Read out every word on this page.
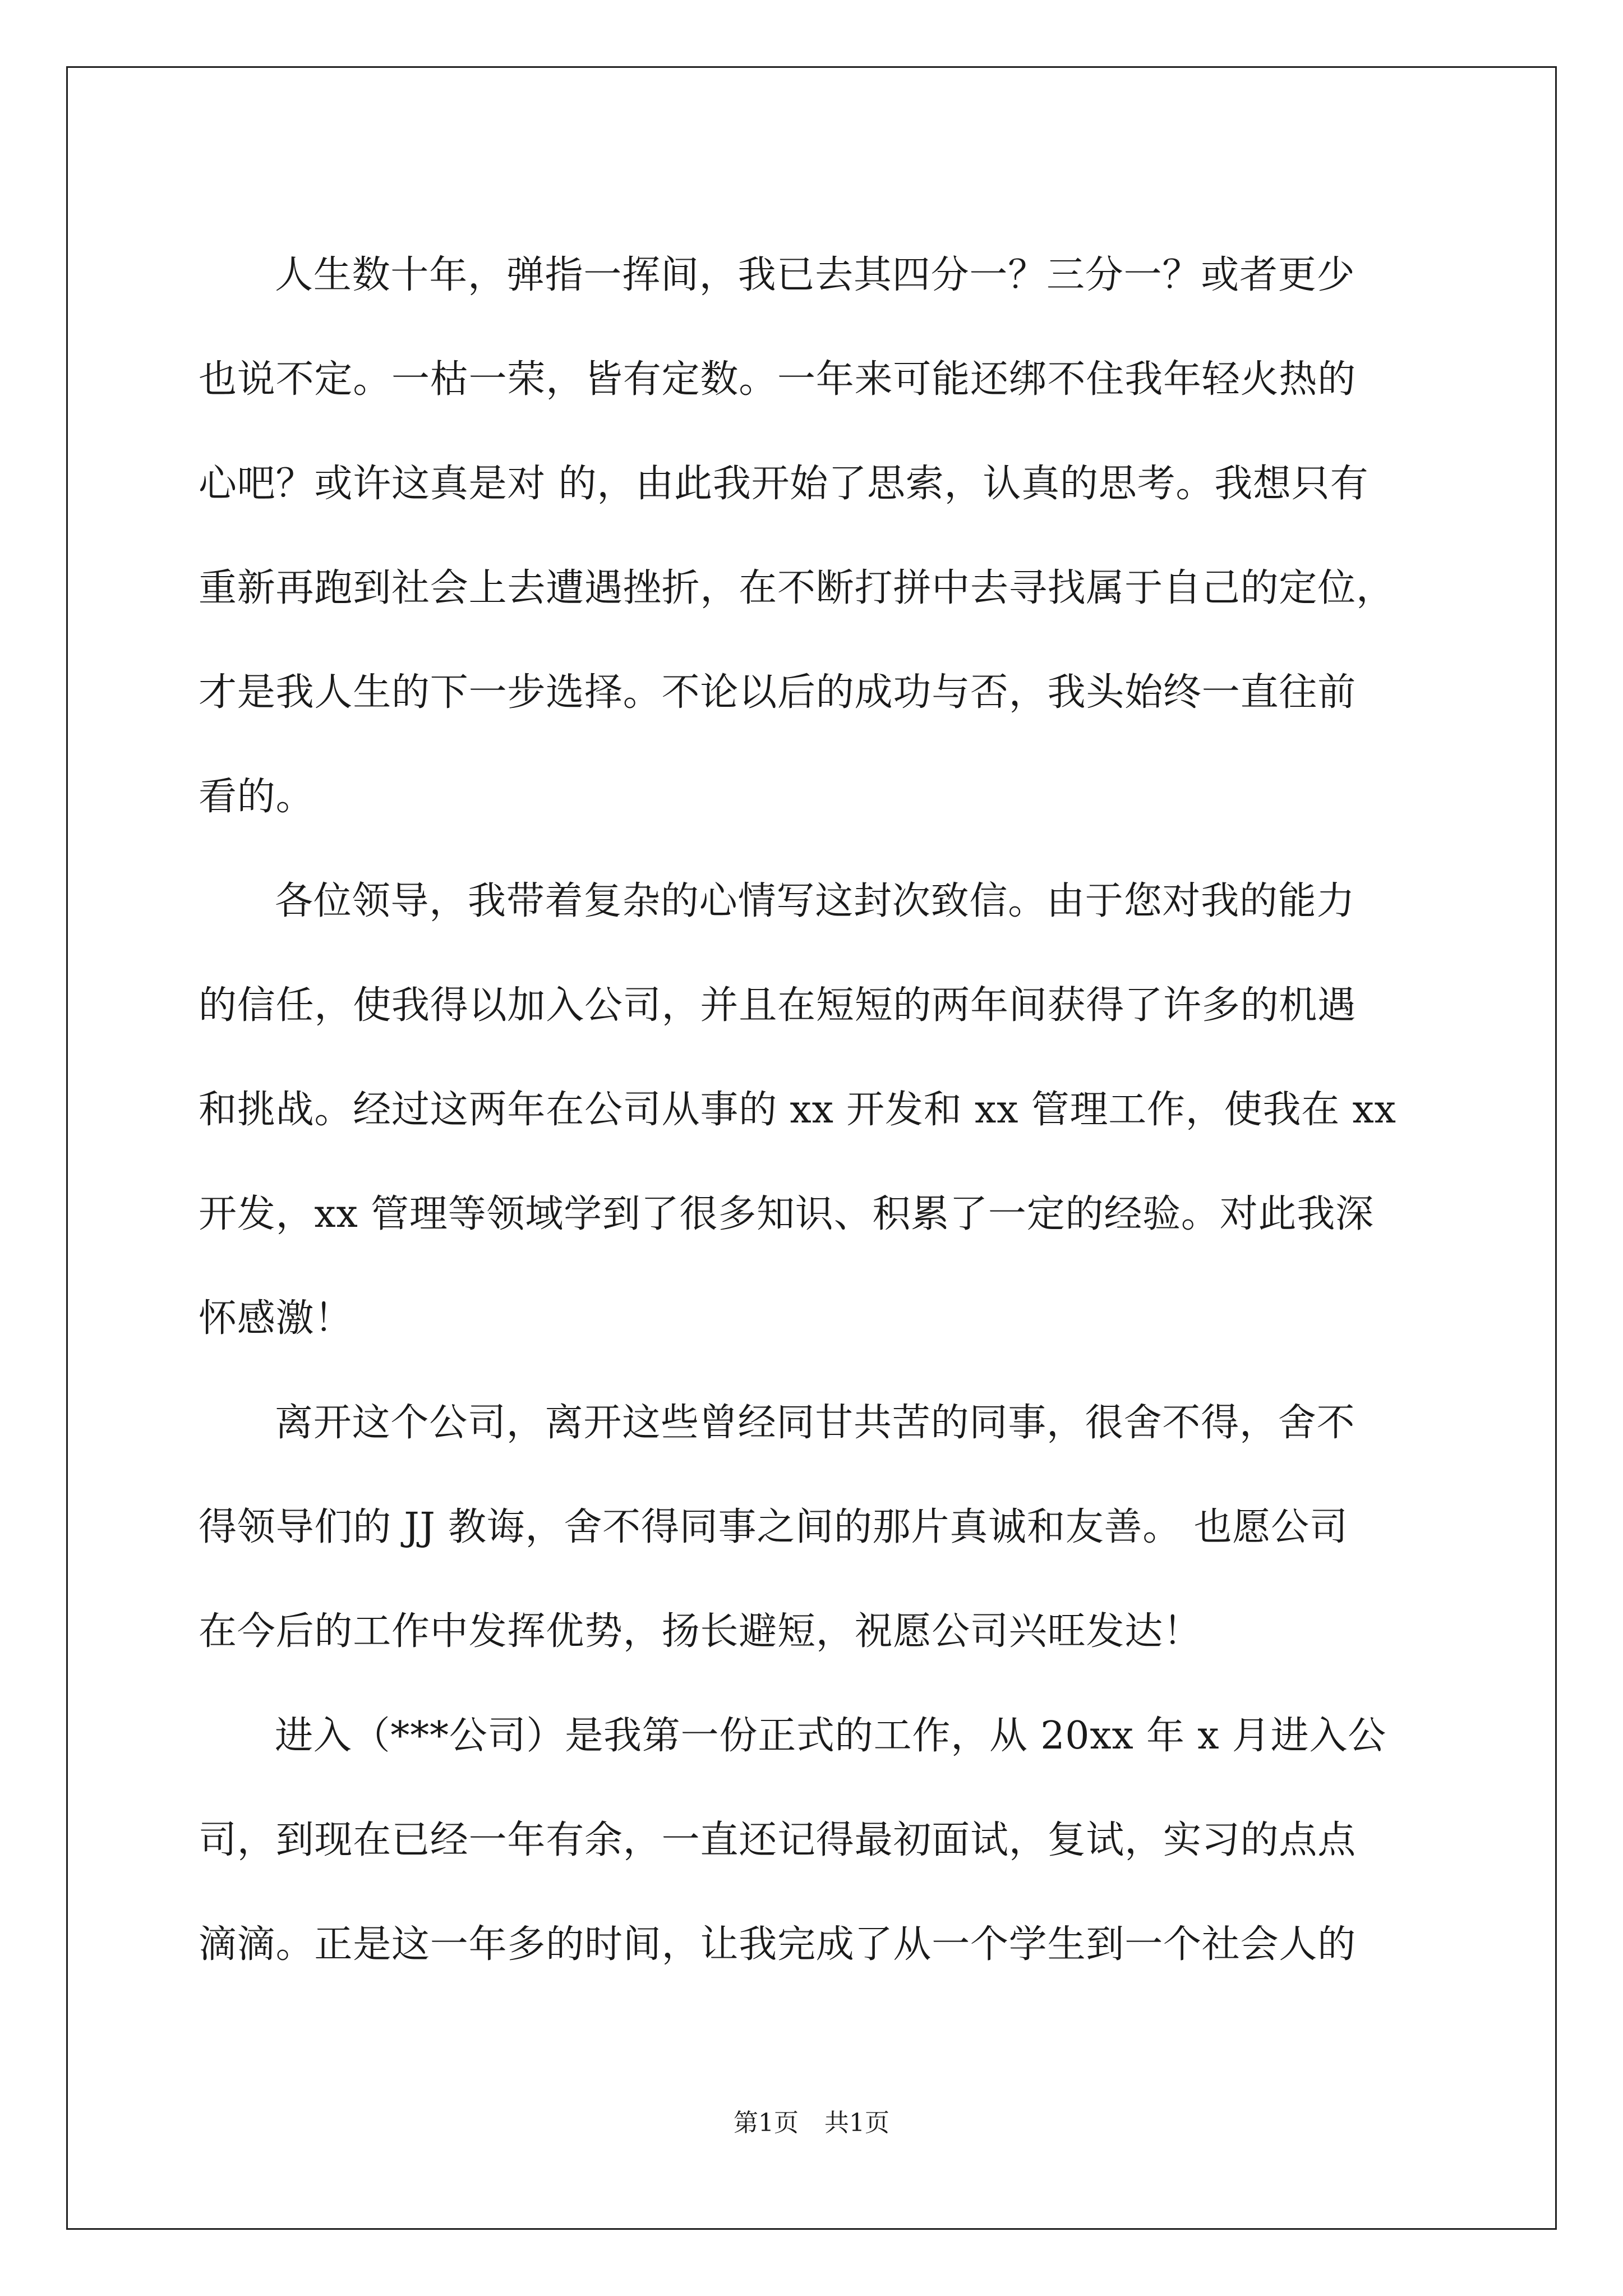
人生数十年，弹指一挥间，我已去其四分一？三分一？或者更少
也说不定。一枯一荣，皆有定数。一年来可能还绑不住我年轻火热的
心吧？或许这真是对 的，由此我开始了思索，认真的思考。我想只有
重新再跑到社会上去遭遇挫折，在不断打拼中去寻找属于自己的定位，
才是我人生的下一步选择。不论以后的成功与否，我头始终一直往前
看的。
各位领导，我带着复杂的心情写这封次致信。由于您对我的能力
的信任，使我得以加入公司，并且在短短的两年间获得了许多的机遇
和挑战。经过这两年在公司从事的 xx 开发和 xx 管理工作，使我在 xx
开发，xx 管理等领域学到了很多知识、积累了一定的经验。对此我深
怀感激！
离开这个公司，离开这些曾经同甘共苦的同事，很舍不得，舍不
得领导们的 JJ 教诲，舍不得同事之间的那片真诚和友善。 也愿公司
在今后的工作中发挥优势，扬长避短，祝愿公司兴旺发达！
进入（***公司）是我第一份正式的工作，从 20xx 年 x 月进入公
司，到现在已经一年有余，一直还记得最初面试，复试，实习的点点
滴滴。正是这一年多的时间，让我完成了从一个学生到一个社会人的
第1页 共1页
